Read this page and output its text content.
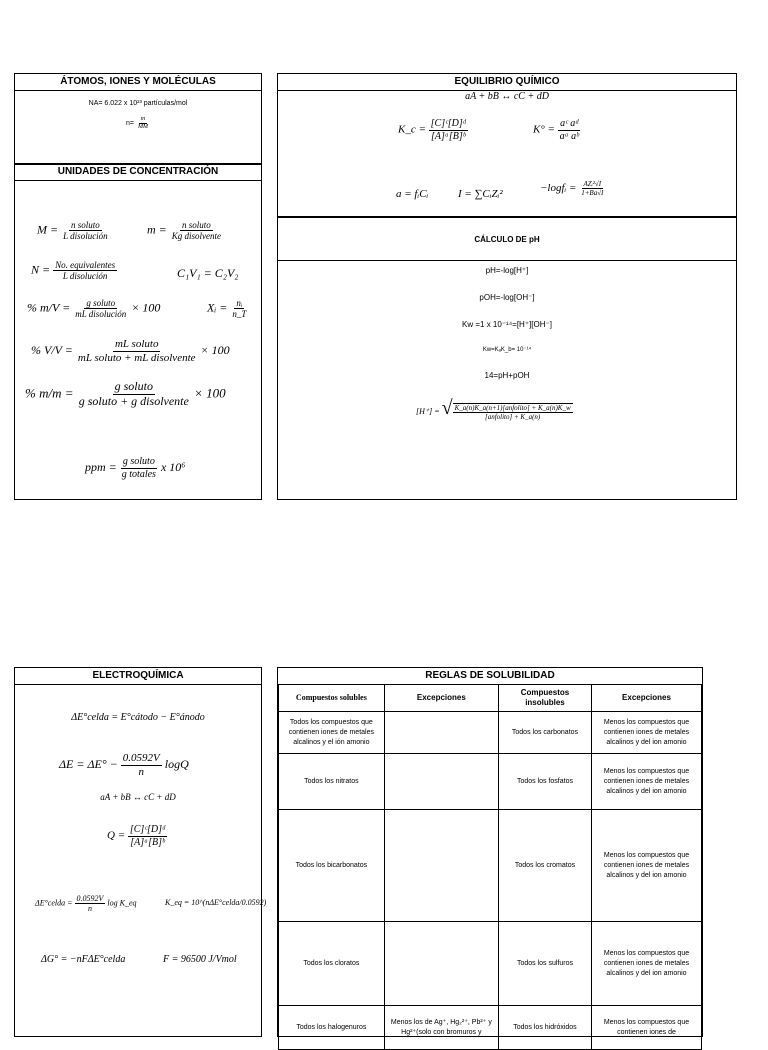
ÁTOMOS, IONES Y MOLÉCULAS
NA= 6.022 x 10²³ partículas/mol
$n= \frac{m}{MM}$
UNIDADES DE CONCENTRACIÓN
$M = \frac{\text{n soluto}}{\text{L disolución}}$	$m = \frac{\text{n soluto}}{\text{Kg disolvente}}$
$N = \frac{\text{No. equivalentes}}{\text{L disolución}}$	C₁V₁ = C₂V₂
% $m/V = \frac{\text{g soluto}}{\text{mL disolución}} \times 100$	Xᵢ = $\frac{\text{nᵢ}}{n\_T}$
% $V/V = \frac{\text{mL soluto}}{\text{mL soluto + mL disolvente}} \times 100$
% $m/m = \frac{\text{g soluto}}{\text{g soluto + g disolvente}} \times 100$
ppm = $\frac{\text{g soluto}}{\text{g totales}}$ x 10⁶
EQUILIBRIO QUÍMICO
aA + bB ↔ cC + dD
K_c = $\frac{\text{[C]ᶜ[D]ᵈ}}{\text{[A]ᵃ[B]ᵇ}}$	$K^\circ = \frac{\text{aᶜ aᵈ}}{\text{aᵃ aᵇ}}$
a = fᵢCᵢ	I = ∑CᵢZᵢ²	−logfᵢ = $\frac{\text{AZᵢ²√I}}{1+Ba√I}$
CÁLCULO DE pH
pH=-log[H⁺]
pOH=-log[OH⁻]
Kw =1 x 10⁻¹⁴=[H⁺][OH⁻]
Kw=KₐK_b= 10⁻¹⁴
14=pH+pOH
[H⁺] = √ $\frac{\text{K\_a(n)K\_a(n+1)[anfolito] + K\_a(n)K\_w}}{\text{[anfolito] + K\_a(n)}}$
ELECTROQUÍMICA
ΔE°celda = E°cátodo − E°ánodo
$\Delta E = \Delta E^\circ - \frac{0.0592V}{n}$ logQ
aA + bB ↔ cC + dD
$Q = \frac{\text{[C]ᶜ[D]ᵈ}}{\text{[A]ᵃ[B]ᵇ}}$
ΔE°celda = $\frac{0.0592V}{n}$ log K_eq	K_eq = 10^(nΔE°celda/0.0592)
ΔG° = −nFΔE°celda	F = 96500 J/Vmol
REGLAS DE SOLUBILIDAD
Compuestos solubles	Excepciones	Compuestos insolubles	Excepciones
Todos los compuestos que contienen iones de metales alcalinos y el ión amonio		Todos los carbonatos	Menos los compuestos que contienen iones de metales alcalinos y del ion amonio
Todos los nitratos		Todos los fosfatos	Menos los compuestos que contienen iones de metales alcalinos y del ion amonio
Todos los bicarbonatos		Todos los cromatos	Menos los compuestos que contienen iones de metales alcalinos y del ion amonio
Todos los cloratos		Todos los sulfuros	Menos los compuestos que contienen iones de metales alcalinos y del ion amonio
Todos los halogenuros	Menos los de Ag⁺, Hg₂²⁺, Pb²⁺ y Hg²⁺(solo con bromuros y	Todos los hidróxidos	Menos los compuestos que contienen iones de
